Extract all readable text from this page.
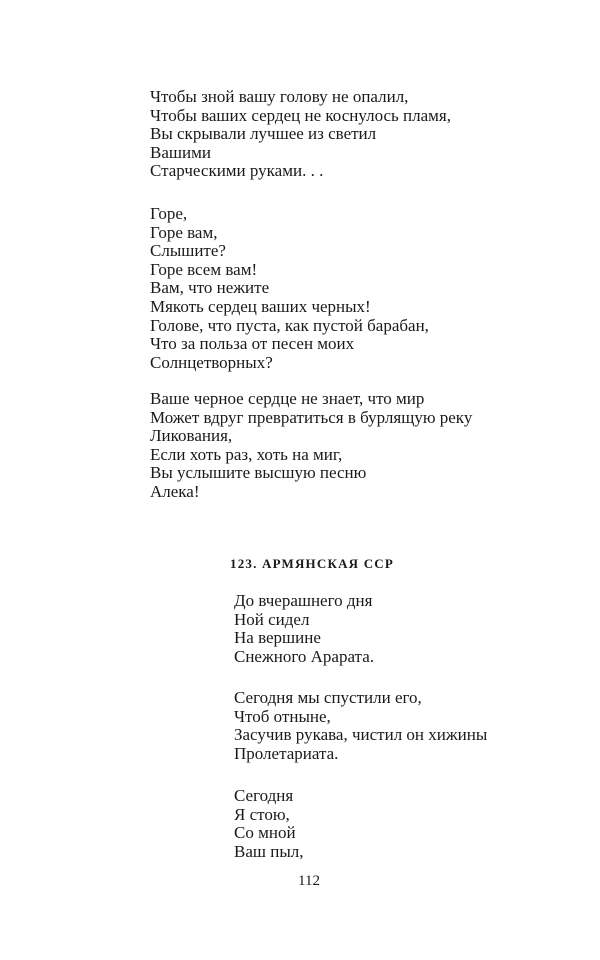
Чтобы зной вашу голову не опалил,
Чтобы ваших сердец не коснулось пламя,
Вы скрывали лучшее из светил
Вашими
Старческими руками. . .
Горе,
Горе вам,
Слышите?
Горе всем вам!
Вам, что нежите
Мякоть сердец ваших черных!
Голове, что пуста, как пустой барабан,
Что за польза от песен моих
Солнцетворных?
Ваше черное сердце не знает, что мир
Может вдруг превратиться в бурлящую реку
Ликования,
Если хоть раз, хоть на миг,
Вы услышите высшую песню
Алека!
123. АРМЯНСКАЯ ССР
До вчерашнего дня
Ной сидел
На вершине
Снежного Арарата.
Сегодня мы спустили его,
Чтоб отныне,
Засучив рукава, чистил он хижины
Пролетариата.
Сегодня
Я стою,
Со мной
Ваш пыл,
112
